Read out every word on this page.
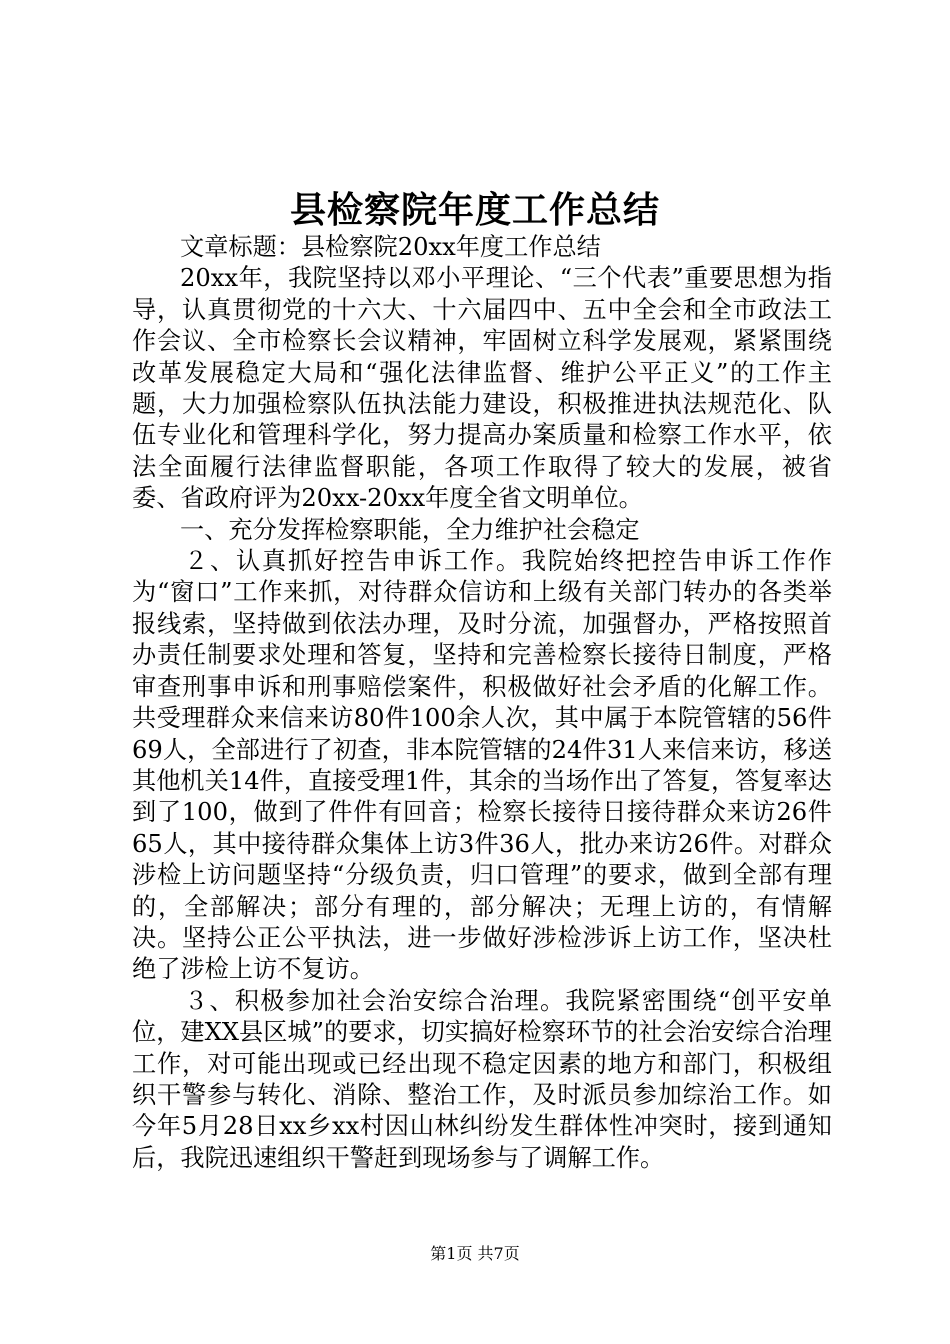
县检察院年度工作总结

文章标题：县检察院20xx年度工作总结

20xx年，我院坚持以邓小平理论、“三个代表”重要思想为指导，认真贯彻党的十六大、十六届四中、五中全会和全市政法工作会议、全市检察长会议精神，牢固树立科学发展观，紧紧围绕改革发展稳定大局和“强化法律监督、维护公平正义”的工作主题，大力加强检察队伍执法能力建设，积极推进执法规范化、队伍专业化和管理科学化，努力提高办案质量和检察工作水平，依法全面履行法律监督职能，各项工作取得了较大的发展，被省委、省政府评为20xx-20xx年度全省文明单位。

一、充分发挥检察职能，全力维护社会稳定

２、认真抓好控告申诉工作。我院始终把控告申诉工作作为“窗口”工作来抓，对待群众信访和上级有关部门转办的各类举报线索，坚持做到依法办理，及时分流，加强督办，严格按照首办责任制要求处理和答复，坚持和完善检察长接待日制度，严格审查刑事申诉和刑事赔偿案件，积极做好社会矛盾的化解工作。共受理群众来信来访80件100余人次，其中属于本院管辖的56件69人，全部进行了初查，非本院管辖的24件31人来信来访，移送其他机关14件，直接受理1件，其余的当场作出了答复，答复率达到了100，做到了件件有回音；检察长接待日接待群众来访26件65人，其中接待群众集体上访3件36人，批办来访26件。对群众涉检上访问题坚持“分级负责，归口管理”的要求，做到全部有理的，全部解决；部分有理的，部分解决；无理上访的，有情解决。坚持公正公平执法，进一步做好涉检涉诉上访工作，坚决杜绝了涉检上访不复访。

３、积极参加社会治安综合治理。我院紧密围绕“创平安单位，建XX县区城”的要求，切实搞好检察环节的社会治安综合治理工作，对可能出现或已经出现不稳定因素的地方和部门，积极组织干警参与转化、消除、整治工作，及时派员参加综治工作。如今年5月28日xx乡xx村因山林纠纷发生群体性冲突时，接到通知后，我院迅速组织干警赶到现场参与了调解工作。

第1页 共7页
